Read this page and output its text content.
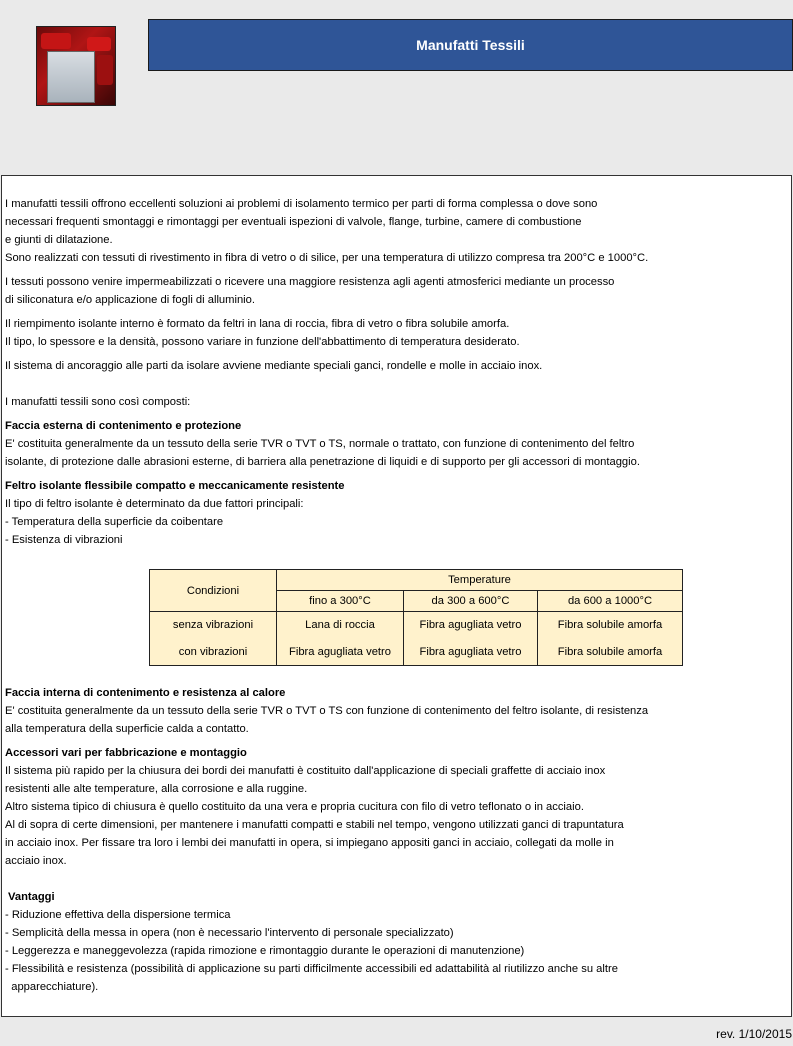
Manufatti Tessili

I manufatti tessili offrono eccellenti soluzioni ai problemi di isolamento termico per parti di forma complessa o dove sono

necessari frequenti smontaggi e rimontaggi per eventuali ispezioni di valvole, flange, turbine, camere di combustione

e giunti di dilatazione.

Sono realizzati con tessuti di rivestimento in fibra di vetro o di silice, per una temperatura di utilizzo compresa tra 200°C e 1000°C.

I tessuti possono venire impermeabilizzati o ricevere una maggiore resistenza agli agenti atmosferici mediante un processo

di siliconatura e/o applicazione di fogli di alluminio.

Il riempimento isolante interno è formato da feltri in lana di roccia, fibra di vetro o fibra solubile amorfa.

Il tipo, lo spessore e la densità, possono variare in funzione dell'abbattimento di temperatura desiderato.

Il sistema di ancoraggio alle parti da isolare avviene mediante speciali ganci, rondelle e molle in acciaio inox.

I manufatti tessili sono così composti:

Faccia esterna di contenimento e protezione

E' costituita generalmente da un tessuto della serie TVR o TVT o TS, normale o trattato, con funzione di contenimento del feltro

isolante, di protezione dalle abrasioni esterne, di barriera alla penetrazione di liquidi e di supporto per gli accessori di montaggio.

Feltro isolante flessibile compatto e meccanicamente resistente

Il tipo di feltro isolante è determinato da due fattori principali:

- Temperatura della superficie da coibentare

- Esistenza di vibrazioni

Condizioni	Temperature		
	fino a 300°C	da 300 a 600°C	da 600 a 1000°C
senza vibrazioni	Lana di roccia	Fibra agugliata vetro	Fibra solubile amorfa
con vibrazioni	Fibra agugliata vetro	Fibra agugliata vetro	Fibra solubile amorfa

Faccia interna di contenimento e resistenza al calore

E' costituita generalmente da un tessuto della serie TVR o TVT o TS con funzione di contenimento del feltro isolante, di resistenza

alla temperatura della superficie calda a contatto.

Accessori vari per fabbricazione e montaggio

Il sistema più rapido per la chiusura dei bordi dei manufatti è costituito dall'applicazione di speciali graffette di acciaio inox

resistenti alle alte temperature, alla corrosione e alla ruggine.

Altro sistema tipico di chiusura è quello costituito da una vera e propria cucitura con filo di vetro teflonato o in acciaio.

Al di sopra di certe dimensioni, per mantenere i manufatti compatti e stabili nel tempo, vengono utilizzati ganci di trapuntatura

in acciaio inox. Per fissare tra loro i lembi dei manufatti in opera, si impiegano appositi ganci in acciaio, collegati da molle in

acciaio inox.

Vantaggi

- Riduzione effettiva della dispersione termica

- Semplicità della messa in opera (non è necessario l'intervento di personale specializzato)

- Leggerezza e maneggevolezza (rapida rimozione e rimontaggio durante le operazioni di manutenzione)

- Flessibilità e resistenza (possibilità di applicazione su parti difficilmente accessibili ed adattabilità al riutilizzo anche su altre

apparecchiature).

rev. 1/10/2015
